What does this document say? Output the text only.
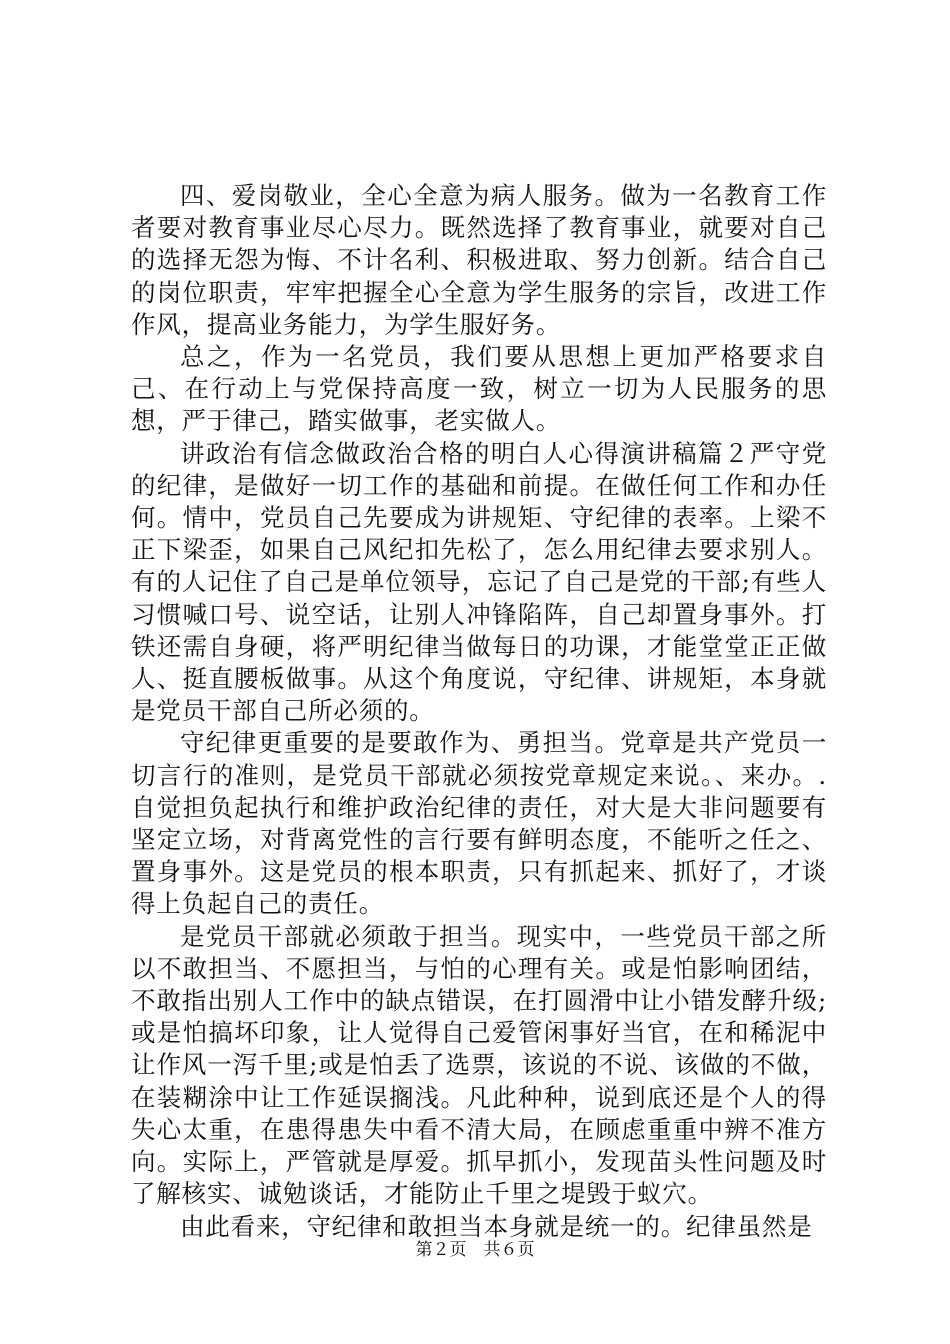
四、爱岗敬业，全心全意为病人服务。做为一名教育工作者要对教育事业尽心尽力。既然选择了教育事业，就要对自己的选择无怨为悔、不计名利、积极进取、努力创新。结合自己的岗位职责，牢牢把握全心全意为学生服务的宗旨，改进工作作风，提高业务能力，为学生服好务。

总之，作为一名党员，我们要从思想上更加严格要求自己、在行动上与党保持高度一致，树立一切为人民服务的思想，严于律己，踏实做事，老实做人。

讲政治有信念做政治合格的明白人心得演讲稿篇２严守党的纪律，是做好一切工作的基础和前提。在做任何工作和办任何。情中，党员自己先要成为讲规矩、守纪律的表率。上梁不正下梁歪，如果自己风纪扣先松了，怎么用纪律去要求别人。有的人记住了自己是单位领导，忘记了自己是党的干部;有些人习惯喊口号、说空话，让别人冲锋陷阵，自己却置身事外。打铁还需自身硬，将严明纪律当做每日的功课，才能堂堂正正做人、挺直腰板做事。从这个角度说，守纪律、讲规矩，本身就是党员干部自己所必须的。

守纪律更重要的是要敢作为、勇担当。党章是共产党员一切言行的准则，是党员干部就必须按党章规定来说。、来办。.自觉担负起执行和维护政治纪律的责任，对大是大非问题要有坚定立场，对背离党性的言行要有鲜明态度，不能听之任之、置身事外。这是党员的根本职责，只有抓起来、抓好了，才谈得上负起自己的责任。

是党员干部就必须敢于担当。现实中，一些党员干部之所以不敢担当、不愿担当，与怕的心理有关。或是怕影响团结，不敢指出别人工作中的缺点错误，在打圆滑中让小错发酵升级;或是怕搞坏印象，让人觉得自己爱管闲事好当官，在和稀泥中让作风一泻千里;或是怕丢了选票，该说的不说、该做的不做，在装糊涂中让工作延误搁浅。凡此种种，说到底还是个人的得失心太重，在患得患失中看不清大局，在顾虑重重中辨不准方向。实际上，严管就是厚爱。抓早抓小，发现苗头性问题及时了解核实、诚勉谈话，才能防止千里之堤毁于蚁穴。

由此看来，守纪律和敢担当本身就是统一的。纪律虽然是

第２页　共６页
